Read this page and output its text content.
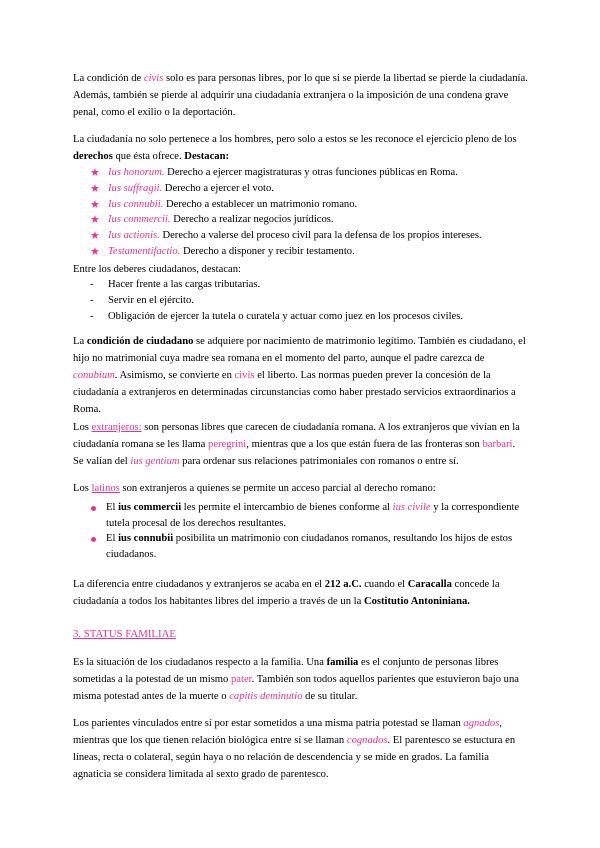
La condición de civis solo es para personas libres, por lo que si se pierde la libertad se pierde la ciudadanía. Además, también se pierde al adquirir una ciudadanía extranjera o la imposición de una condena grave penal, como el exilio o la deportación.

La ciudadanía no solo pertenece a los hombres, pero solo a estos se les reconoce el ejercicio pleno de los derechos que ésta ofrece. Destacan:

★ Ius honorum. Derecho a ejercer magistraturas y otras funciones públicas en Roma.
★ Ius suffragii. Derecho a ejercer el voto.
★ Ius connubii. Derecho a establecer un matrimonio romano.
★ Ius commercii. Derecho a realizar negocios jurídicos.
★ Ius actionis. Derecho a valerse del proceso civil para la defensa de los propios intereses.
★ Testamentifactio. Derecho a disponer y recibir testamento.

Entre los deberes ciudadanos, destacan:

- Hacer frente a las cargas tributarias.
- Servir en el ejército.
- Obligación de ejercer la tutela o curatela y actuar como juez en los procesos civiles.

La condición de ciudadano se adquiere por nacimiento de matrimonio legítimo. También es ciudadano, el hijo no matrimonial cuya madre sea romana en el momento del parto, aunque el padre carezca de conubium. Asimismo, se convierte en civis el liberto. Las normas pueden prever la concesión de la ciudadanía a extranjeros en determinadas circunstancias como haber prestado servicios extraordinarios a Roma.

Los extranjeros: son personas libres que carecen de ciudadanía romana. A los extranjeros que vivían en la ciudadanía romana se les llama peregrini, mientras que a los que están fuera de las fronteras son barbari. Se valían del ius gentium para ordenar sus relaciones patrimoniales con romanos o entre sí.

Los latinos son extranjeros a quienes se permite un acceso parcial al derecho romano:

El ius commercii les permite el intercambio de bienes conforme al ius civile y la correspondiente tutela procesal de los derechos resultantes.
El ius connubii posibilita un matrimonio con ciudadanos romanos, resultando los hijos de estos ciudadanos.

La diferencia entre ciudadanos y extranjeros se acaba en el 212 a.C. cuando el Caracalla concede la ciudadanía a todos los habitantes libres del imperio a través de un la Costitutio Antoniniana.

3. STATUS FAMILIAE

Es la situación de los ciudadanos respecto a la familia. Una familia es el conjunto de personas libres sometidas a la potestad de un mismo pater. También son todos aquellos parientes que estuvieron bajo una misma potestad antes de la muerte o capitis deminutio de su titular.

Los parientes vinculados entre sí por estar sometidos a una misma patria potestad se llaman agnados, mientras que los que tienen relación biológica entre sí se llaman cognados. El parentesco se estuctura en líneas, recta o colateral, según haya o no relación de descendencia y se mide en grados. La familia agnaticia se considera limitada al sexto grado de parentesco.
